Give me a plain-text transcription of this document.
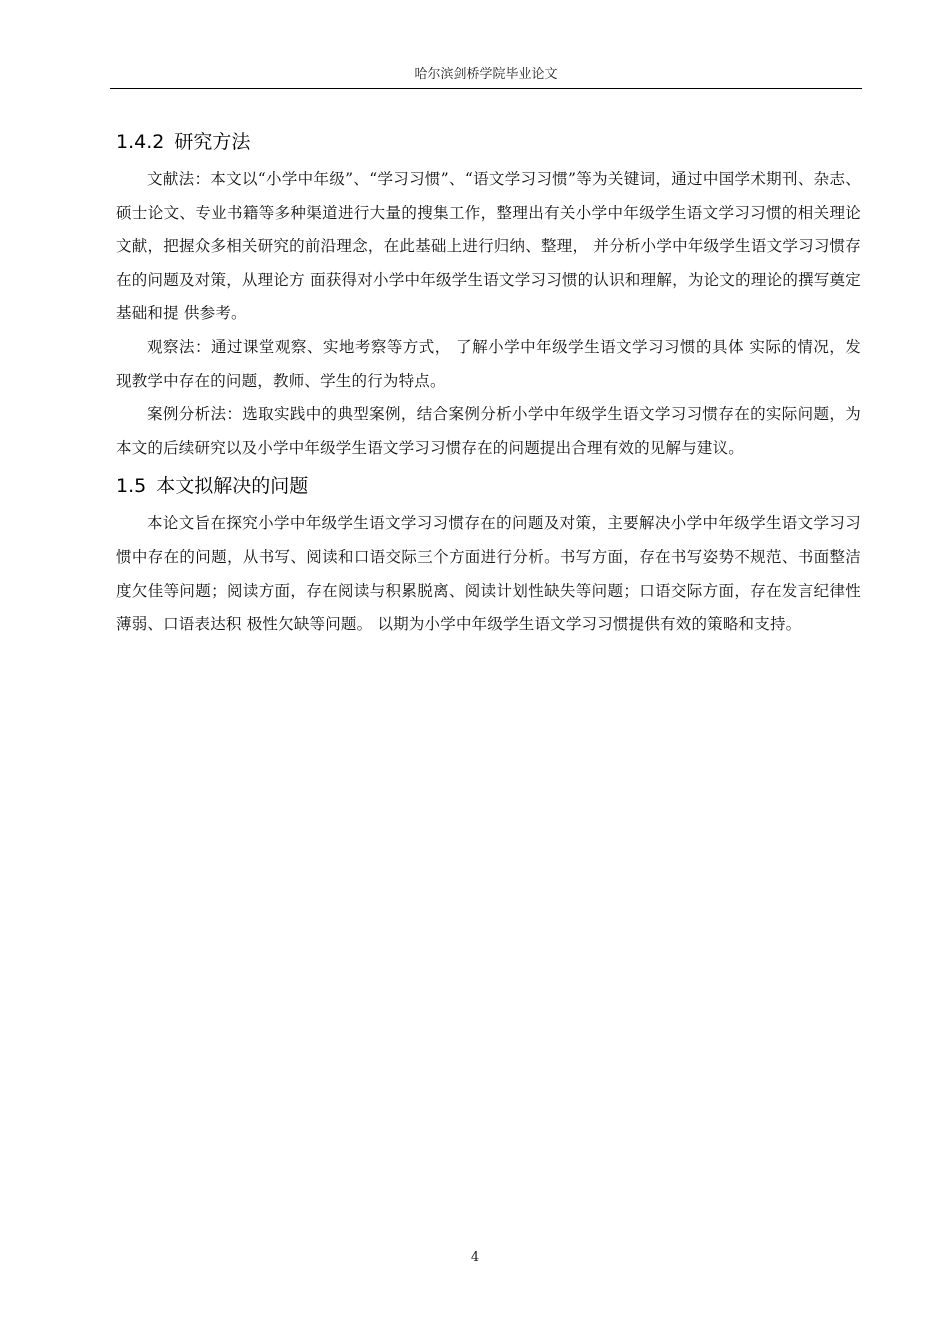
哈尔滨剑桥学院毕业论文
1.4.2 研究方法

文献法：本文以“小学中年级”、“学习习惯”、“语文学习习惯”等为关键词，通过中国学术期刊、杂志、硕士论文、专业书籍等多种渠道进行大量的搜集工作，整理出有关小学中年级学生语文学习习惯的相关理论文献，把握众多相关研究的前沿理念，在此基础上进行归纳、整理， 并分析小学中年级学生语文学习习惯存在的问题及对策，从理论方 面获得对小学中年级学生语文学习习惯的认识和理解，为论文的理论的撰写奠定基础和提 供参考。

观察法：通过课堂观察、实地考察等方式， 了解小学中年级学生语文学习习惯的具体 实际的情况，发现教学中存在的问题，教师、学生的行为特点。

案例分析法：选取实践中的典型案例，结合案例分析小学中年级学生语文学习习惯存在的实际问题，为本文的后续研究以及小学中年级学生语文学习习惯存在的问题提出合理有效的见解与建议。

1.5 本文拟解决的问题

本论文旨在探究小学中年级学生语文学习习惯存在的问题及对策，主要解决小学中年级学生语文学习习惯中存在的问题，从书写、阅读和口语交际三个方面进行分析。书写方面，存在书写姿势不规范、书面整洁度欠佳等问题；阅读方面，存在阅读与积累脱离、阅读计划性缺失等问题；口语交际方面，存在发言纪律性薄弱、口语表达积 极性欠缺等问题。 以期为小学中年级学生语文学习习惯提供有效的策略和支持。

4
